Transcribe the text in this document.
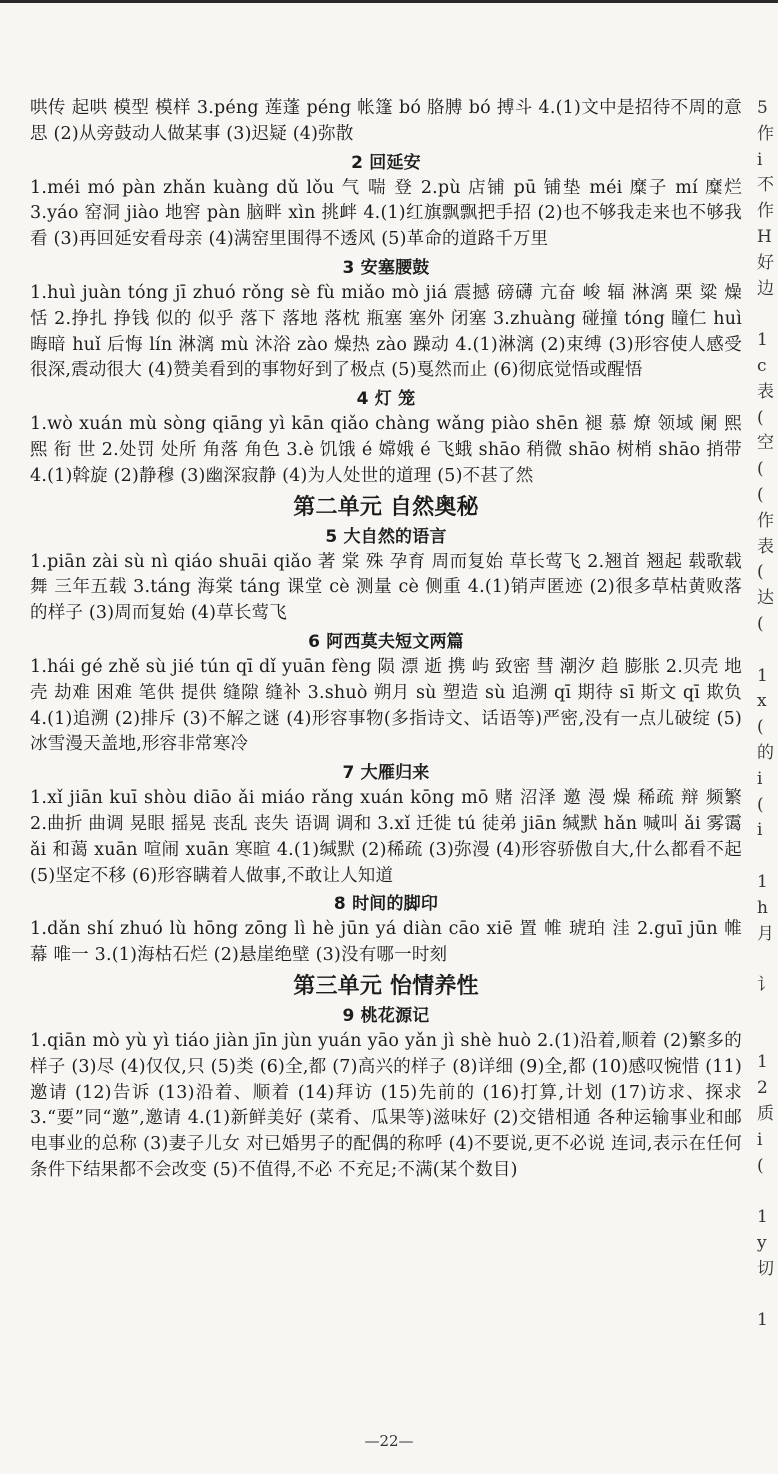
哄传 起哄 模型 模样 3.péng 莲蓬 péng 帐篷 bó 胳膊 bó 搏斗 4.(1)文中是招待不周的意思 (2)从旁鼓动人做某事 (3)迟疑 (4)弥散

2 回延安

1.méi mó pàn zhǎn kuàng dǔ lǒu 气 喘 登 2.pù 店铺 pū 铺垫 méi 糜子 mí 糜烂 3.yáo 窑洞 jiào 地窖 pàn 脑畔 xìn 挑衅 4.(1)红旗飘飘把手招 (2)也不够我走来也不够我看 (3)再回延安看母亲 (4)满窑里围得不透风 (5)革命的道路千万里

3 安塞腰鼓

1.huì juàn tóng jī zhuó rǒng sè fù miǎo mò jiá 震撼 磅礴 亢奋 峻 辐 淋漓 栗 粱 燥 恬 2.挣扎 挣钱 似的 似乎 落下 落地 落枕 瓶塞 塞外 闭塞 3.zhuàng 碰撞 tóng 瞳仁 huì 晦暗 huǐ 后悔 lín 淋漓 mù 沐浴 zào 燥热 zào 躁动 4.(1)淋漓 (2)束缚 (3)形容使人感受很深,震动很大 (4)赞美看到的事物好到了极点 (5)戛然而止 (6)彻底觉悟或醒悟

4 灯 笼

1.wò xuán mù sòng qiāng yì kān qiǎo chàng wǎng piào shēn 褪 慕 燎 领域 阑 熙熙 衔 世 2.处罚 处所 角落 角色 3.è 饥饿 é 嫦娥 é 飞蛾 shāo 稍微 shāo 树梢 shāo 捎带 4.(1)斡旋 (2)静穆 (3)幽深寂静 (4)为人处世的道理 (5)不甚了然

第二单元 自然奥秘
5 大自然的语言

1.piān zài sù nì qiáo shuāi qiǎo 著 棠 殊 孕育 周而复始 草长莺飞 2.翘首 翘起 载歌载舞 三年五载 3.táng 海棠 táng 课堂 cè 测量 cè 侧重 4.(1)销声匿迹 (2)很多草枯黄败落的样子 (3)周而复始 (4)草长莺飞

6 阿西莫夫短文两篇

1.hái gé zhě sù jié tún qī dǐ yuān fèng 陨 漂 逝 携 屿 致密 彗 潮汐 趋 膨胀 2.贝壳 地壳 劫难 困难 笔供 提供 缝隙 缝补 3.shuò 朔月 sù 塑造 sù 追溯 qī 期待 sī 斯文 qī 欺负 4.(1)追溯 (2)排斥 (3)不解之谜 (4)形容事物(多指诗文、话语等)严密,没有一点儿破绽 (5)冰雪漫天盖地,形容非常寒冷

7 大雁归来

1.xǐ jiān kuī shòu diāo ǎi miáo rǎng xuán kōng mō 赌 沼泽 邀 漫 燥 稀疏 辩 频繁 2.曲折 曲调 晃眼 摇晃 丧乱 丧失 语调 调和 3.xǐ 迁徙 tú 徒弟 jiān 缄默 hǎn 喊叫 ǎi 雾霭 ǎi 和蔼 xuān 喧闹 xuān 寒暄 4.(1)缄默 (2)稀疏 (3)弥漫 (4)形容骄傲自大,什么都看不起 (5)坚定不移 (6)形容瞒着人做事,不敢让人知道

8 时间的脚印

1.dǎn shí zhuó lù hōng zōng lì hè jūn yá diàn cāo xiē 置 帷 琥珀 洼 2.guī jūn 帷幕 唯一 3.(1)海枯石烂 (2)悬崖绝壁 (3)没有哪一时刻

第三单元 怡情养性
9 桃花源记

1.qiān mò yù yì tiáo jiàn jīn jùn yuán yāo yǎn jì shè huò 2.(1)沿着,顺着 (2)繁多的样子 (3)尽 (4)仅仅,只 (5)类 (6)全,都 (7)高兴的样子 (8)详细 (9)全,都 (10)感叹惋惜 (11)邀请 (12)告诉 (13)沿着、顺着 (14)拜访 (15)先前的 (16)打算,计划 (17)访求、探求 3.“要”同“邀”,邀请 4.(1)新鲜美好 (菜肴、瓜果等)滋味好 (2)交错相通 各种运输事业和邮电事业的总称 (3)妻子儿女 对已婚男子的配偶的称呼 (4)不要说,更不必说 连词,表示在任何条件下结果都不会改变 (5)不值得,不必 不充足;不满(某个数目)

5
作
i
不
作
H
好
边
1
c
表
(
空
(
(
作
表
(
达
(
1
x
(
的
i
(
i
1
h
月
讠
1
2
质
i
(
1
y
切
1
—22—
